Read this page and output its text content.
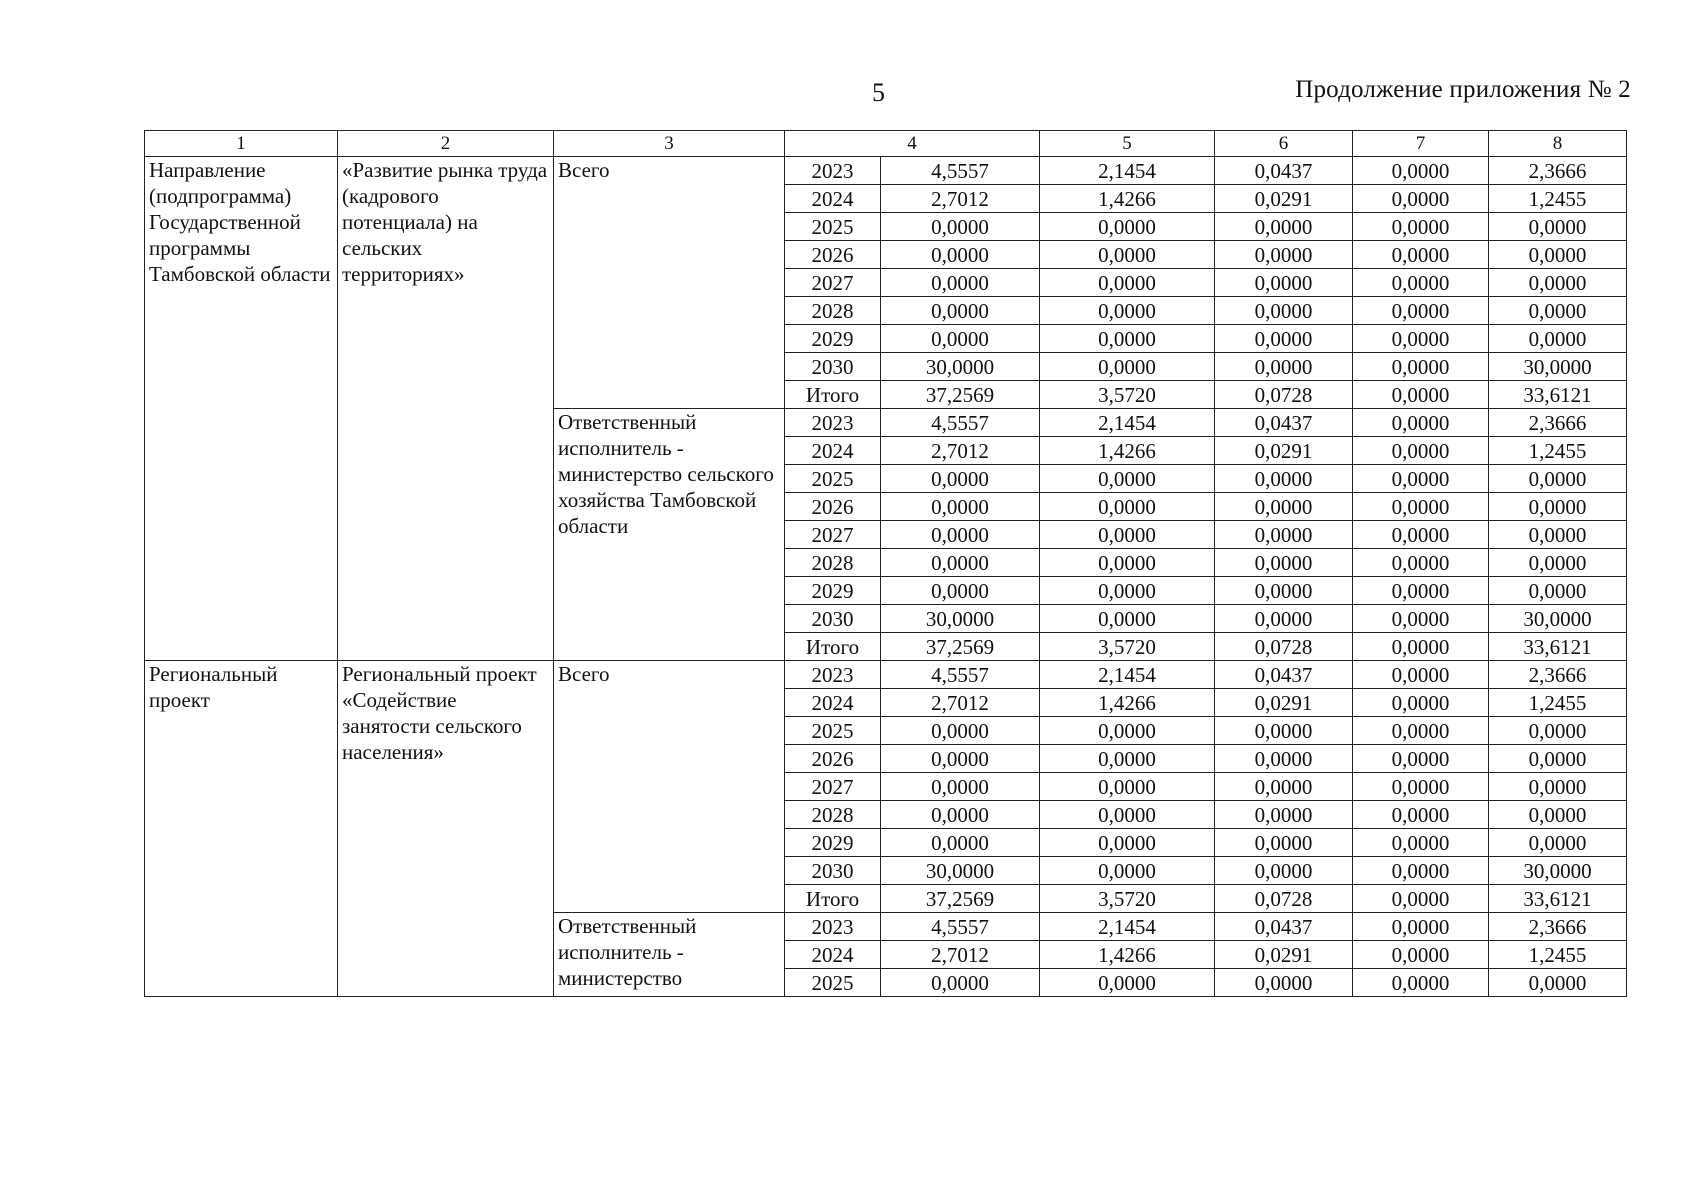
5	Продолжение приложения № 2
1	2	3	4		5	6	7	8
Направление (подпрограмма) Государственной программы Тамбовской области	«Развитие рынка труда (кадрового потенциала) на сельских территориях»	Всего	2023	4,5557	2,1454	0,0437	0,0000	2,3666
			2024	2,7012	1,4266	0,0291	0,0000	1,2455
			2025	0,0000	0,0000	0,0000	0,0000	0,0000
			2026	0,0000	0,0000	0,0000	0,0000	0,0000
			2027	0,0000	0,0000	0,0000	0,0000	0,0000
			2028	0,0000	0,0000	0,0000	0,0000	0,0000
			2029	0,0000	0,0000	0,0000	0,0000	0,0000
			2030	30,0000	0,0000	0,0000	0,0000	30,0000
			Итого	37,2569	3,5720	0,0728	0,0000	33,6121
		Ответственный исполнитель - министерство сельского хозяйства Тамбовской области	2023	4,5557	2,1454	0,0437	0,0000	2,3666
			2024	2,7012	1,4266	0,0291	0,0000	1,2455
			2025	0,0000	0,0000	0,0000	0,0000	0,0000
			2026	0,0000	0,0000	0,0000	0,0000	0,0000
			2027	0,0000	0,0000	0,0000	0,0000	0,0000
			2028	0,0000	0,0000	0,0000	0,0000	0,0000
			2029	0,0000	0,0000	0,0000	0,0000	0,0000
			2030	30,0000	0,0000	0,0000	0,0000	30,0000
			Итого	37,2569	3,5720	0,0728	0,0000	33,6121
Региональный проект	Региональный проект «Содействие занятости сельского населения»	Всего	2023	4,5557	2,1454	0,0437	0,0000	2,3666
			2024	2,7012	1,4266	0,0291	0,0000	1,2455
			2025	0,0000	0,0000	0,0000	0,0000	0,0000
			2026	0,0000	0,0000	0,0000	0,0000	0,0000
			2027	0,0000	0,0000	0,0000	0,0000	0,0000
			2028	0,0000	0,0000	0,0000	0,0000	0,0000
			2029	0,0000	0,0000	0,0000	0,0000	0,0000
			2030	30,0000	0,0000	0,0000	0,0000	30,0000
			Итого	37,2569	3,5720	0,0728	0,0000	33,6121
		Ответственный исполнитель - министерство	2023	4,5557	2,1454	0,0437	0,0000	2,3666
			2024	2,7012	1,4266	0,0291	0,0000	1,2455
			2025	0,0000	0,0000	0,0000	0,0000	0,0000
